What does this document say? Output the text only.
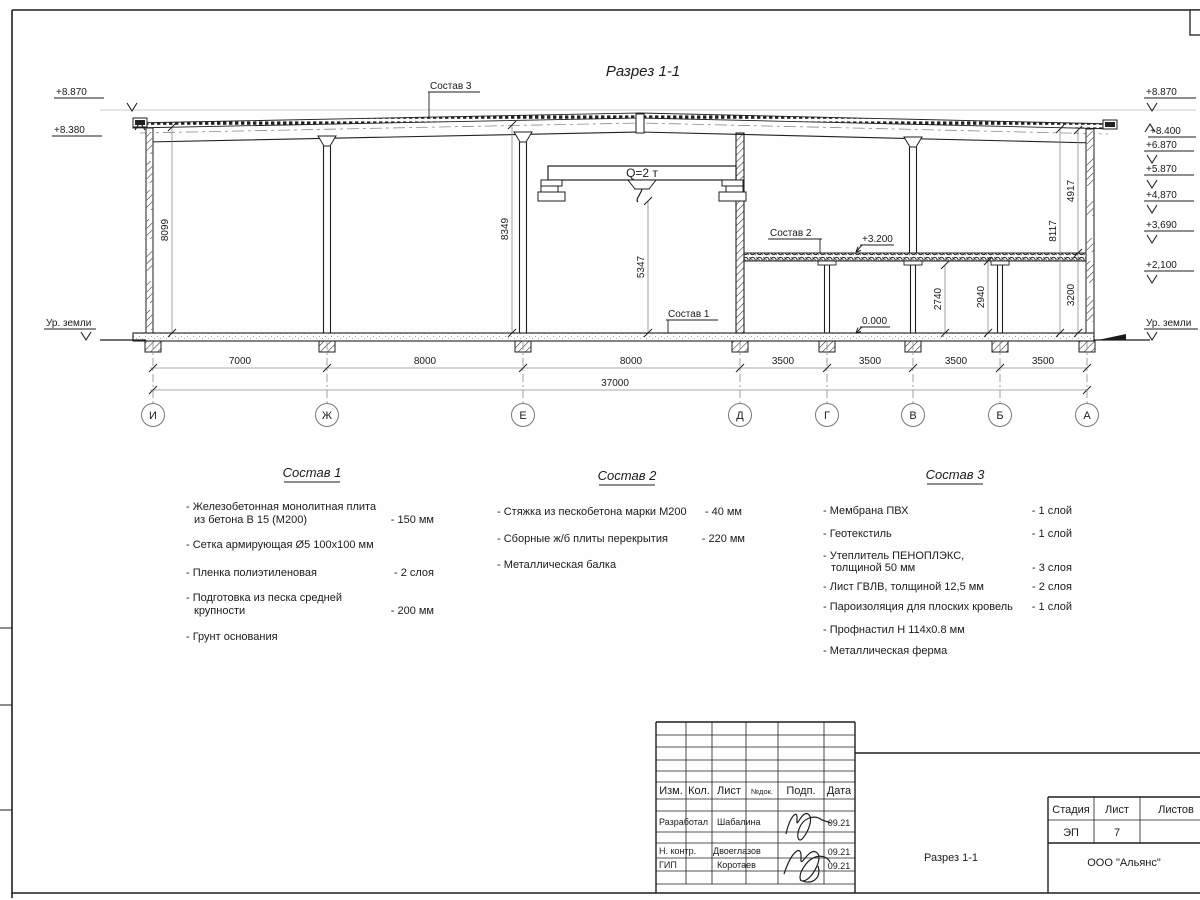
Разрез 1-1
Q=2 т
+8.870
+8.380
Ур. земли
+8.870
+8.400
+6.870
+5.870
+4,870
+3,690
+2,100
Ур. земли
8099	8349
5347
2740	2940
8117
4917
3200
Состав 3
Состав 2
Состав 1
+3.200
0.000
7000	8000	8000	3500	3500	3500	3500
37000
И	Ж	Е	Д	Г	В	Б	А
Состав 1
- Железобетонная монолитная плита
из бетона В 15 (М200)	- 150 мм
- Сетка армирующая Ø5 100х100 мм
- Пленка полиэтиленовая	- 2 слоя
- Подготовка из песка средней
крупности	- 200 мм
- Грунт основания
Состав 2
- Стяжка из пескобетона марки М200 - 40 мм
- Сборные ж/б плиты перекрытия	- 220 мм
- Металлическая балка
Состав 3
- Мембрана ПВХ	- 1 слой
- Геотекстиль	- 1 слой
- Утеплитель ПЕНОПЛЭКС,
толщиной 50 мм	- 3 слоя
- Лист ГВЛВ, толщиной 12,5 мм	- 2 слоя
- Пароизоляция для плоских кровель - 1 слой
- Профнастил Н 114х0.8 мм
- Металлическая ферма
Изм. Кол. Лист №док. Подп. Дата
Разработал Шабалина	09.21
Н. контр. Двоеглазов	09.21
ГИП	Коротаев	09.21
Стадия Лист	Листов
ЭП	7
Разрез 1-1	ООО "Альянс"
